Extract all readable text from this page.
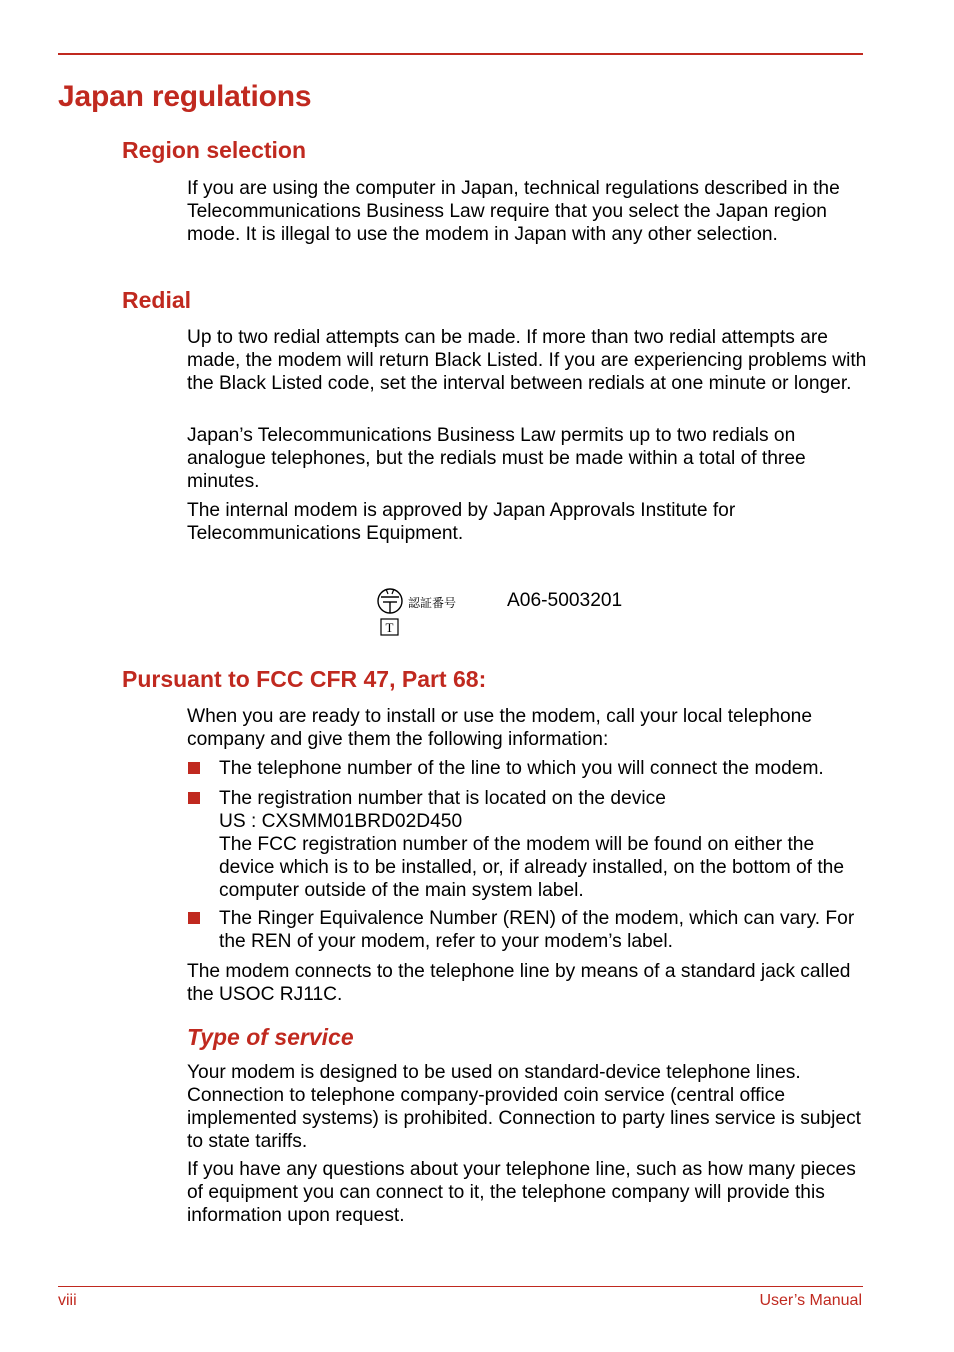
Japan regulations
Region selection

If you are using the computer in Japan, technical regulations described in the Telecommunications Business Law require that you select the Japan region mode. It is illegal to use the modem in Japan with any other selection.

Redial

Up to two redial attempts can be made. If more than two redial attempts are made, the modem will return Black Listed. If you are experiencing problems with the Black Listed code, set the interval between redials at one minute or longer.

Japan’s Telecommunications Business Law permits up to two redials on analogue telephones, but the redials must be made within a total of three minutes.

The internal modem is approved by Japan Approvals Institute for Telecommunications Equipment.

T
認証番号	A06-5003201
Pursuant to FCC CFR 47, Part 68:

When you are ready to install or use the modem, call your local telephone company and give them the following information:

The telephone number of the line to which you will connect the modem.
The registration number that is located on the device
US : CXSMM01BRD02D450
The FCC registration number of the modem will be found on either the device which is to be installed, or, if already installed, on the bottom of the computer outside of the main system label.
The Ringer Equivalence Number (REN) of the modem, which can vary. For the REN of your modem, refer to your modem’s label.

The modem connects to the telephone line by means of a standard jack called the USOC RJ11C.

Type of service

Your modem is designed to be used on standard-device telephone lines. Connection to telephone company-provided coin service (central office implemented systems) is prohibited. Connection to party lines service is subject to state tariffs.

If you have any questions about your telephone line, such as how many pieces of equipment you can connect to it, the telephone company will provide this information upon request.

viii	User’s Manual
